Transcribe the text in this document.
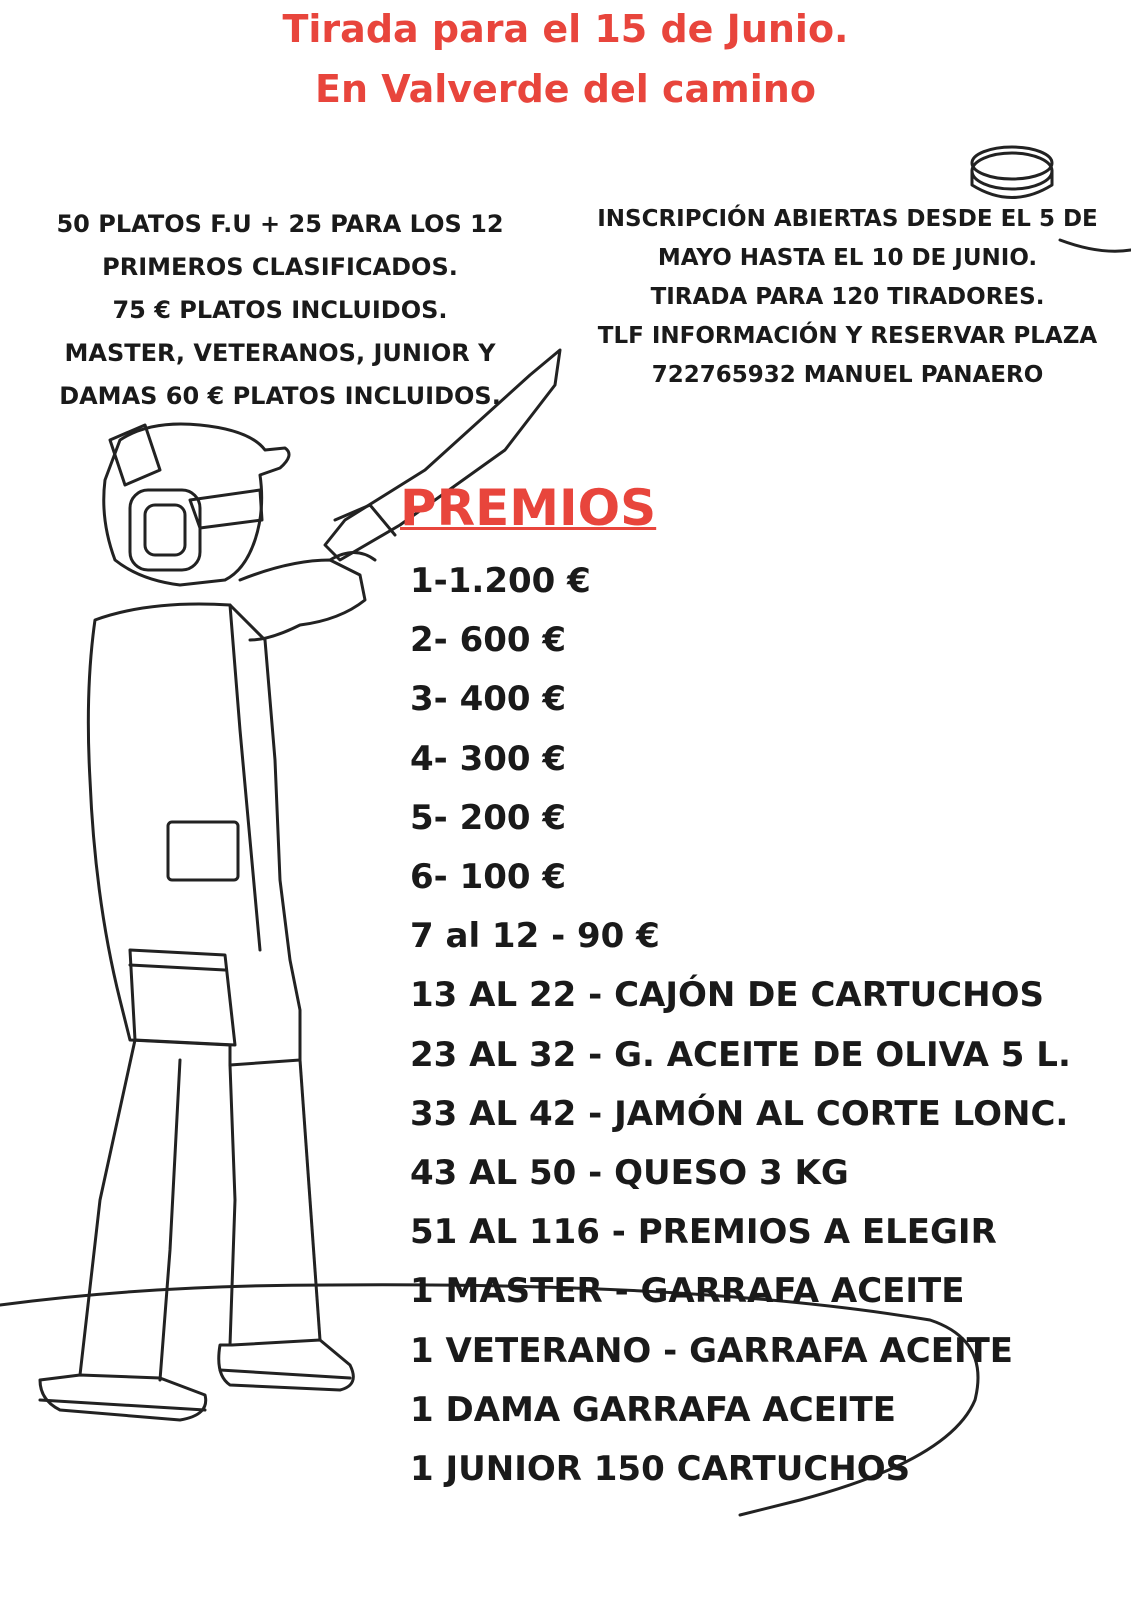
Tirada para el 15 de Junio.
En Valverde del camino
50 PLATOS F.U + 25 PARA LOS 12
PRIMEROS CLASIFICADOS.
75 € PLATOS INCLUIDOS.
MASTER, VETERANOS, JUNIOR Y
DAMAS 60 € PLATOS INCLUIDOS.
INSCRIPCIÓN ABIERTAS DESDE EL 5 DE
MAYO HASTA EL 10 DE JUNIO.
TIRADA PARA 120 TIRADORES.
TLF INFORMACIÓN Y RESERVAR PLAZA
722765932 MANUEL PANAERO
PREMIOS
1-1.200 €
2- 600 €
3- 400 €
4- 300 €
5- 200 €
6- 100 €
7 al 12 - 90 €
13 AL 22 - CAJÓN DE CARTUCHOS
23 AL 32 - G. ACEITE DE OLIVA 5 L.
33 AL 42 - JAMÓN AL CORTE LONC.
43 AL 50 - QUESO 3 KG
51 AL 116 - PREMIOS A ELEGIR
1 MASTER - GARRAFA ACEITE
1 VETERANO - GARRAFA ACEITE
1 DAMA GARRAFA ACEITE
1 JUNIOR 150 CARTUCHOS
